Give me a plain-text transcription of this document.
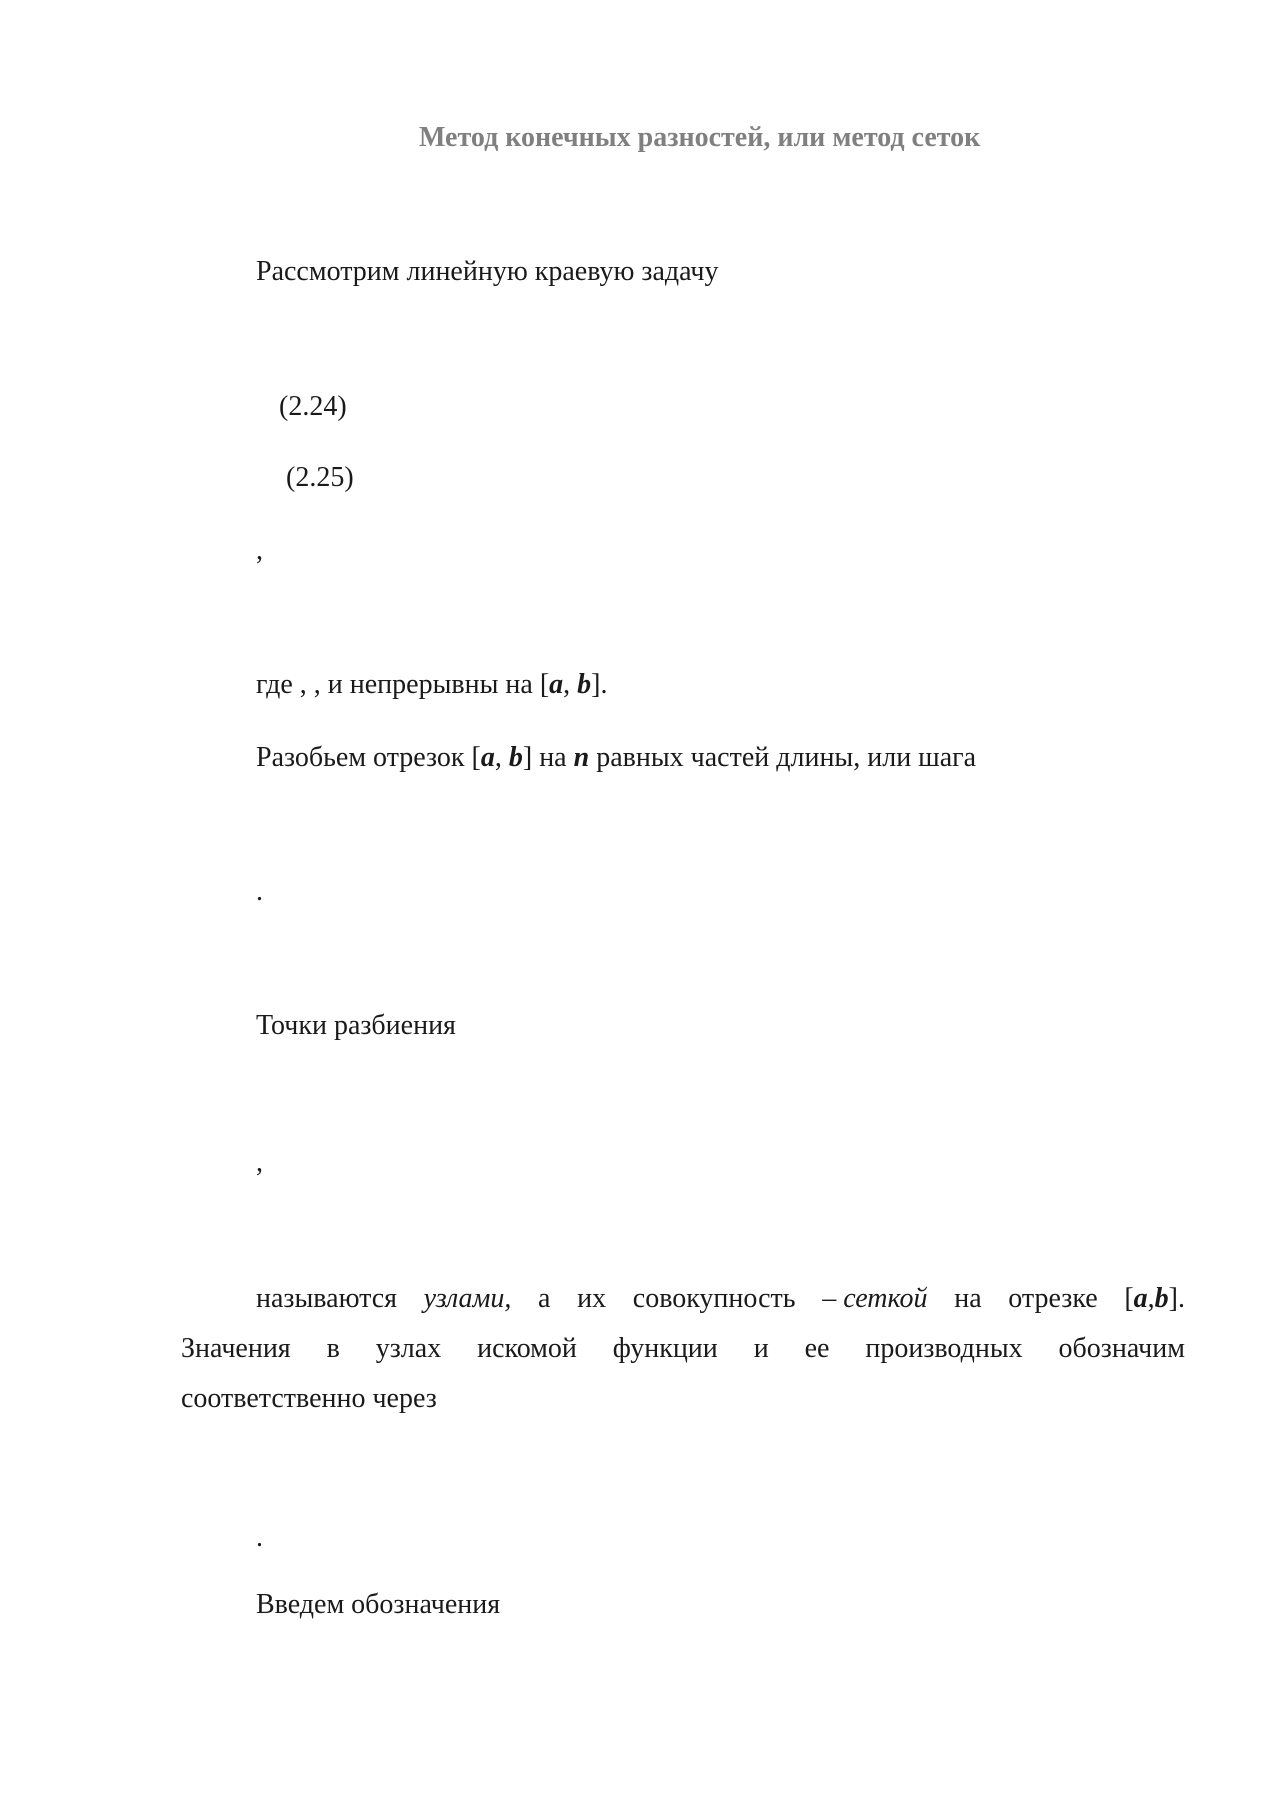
Метод конечных разностей, или метод сеток
Рассмотрим линейную краевую задачу
(2.24)
(2.25)
,
где , , и непрерывны на [a, b].
Разобьем отрезок [a, b] на n равных частей длины, или шага
.
Точки разбиения
,
называются узлами, а их совокупность – сеткой на отрезке [a,b].
Значения в узлах искомой функции и ее производных обозначим
соответственно через
.
Введем обозначения
